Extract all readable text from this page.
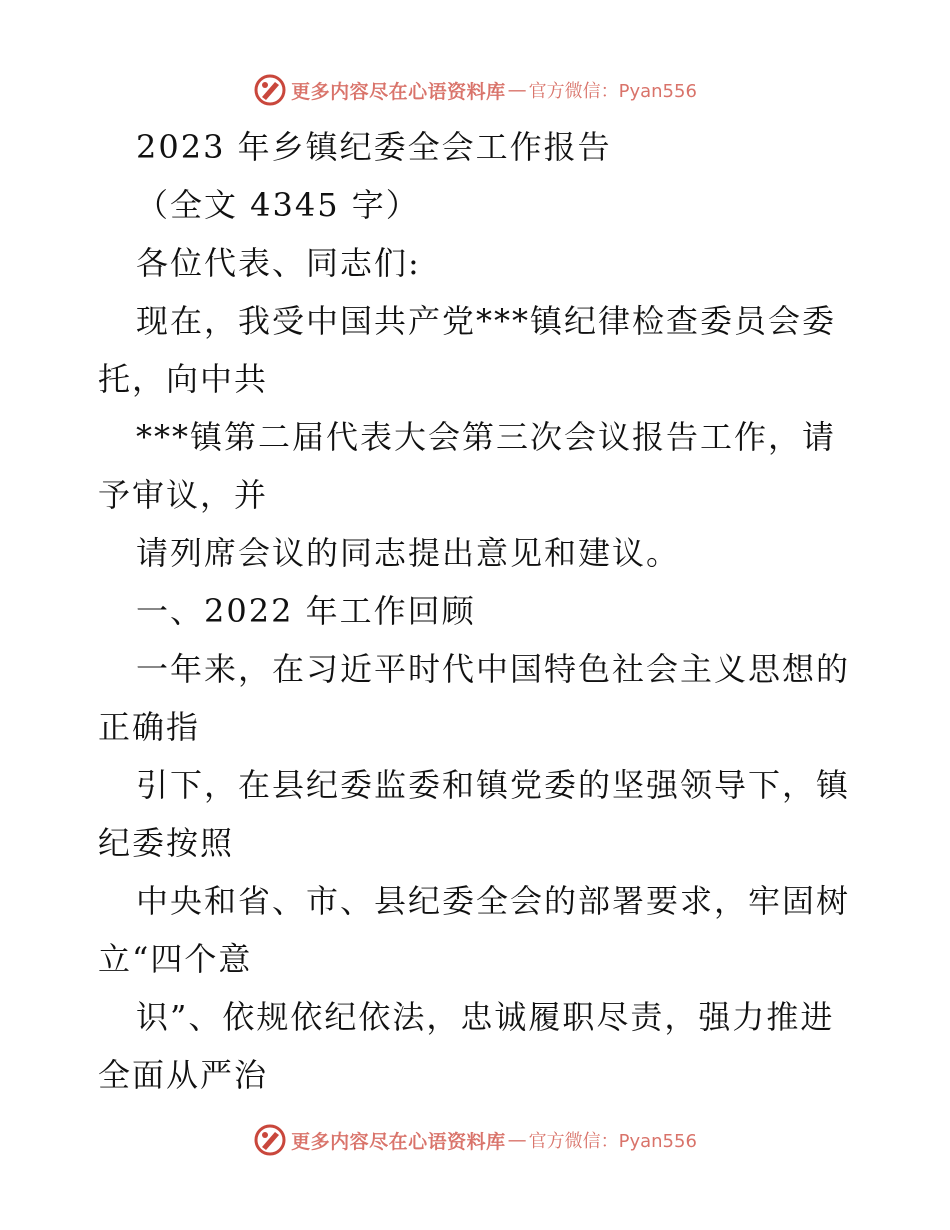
更多内容尽在心语资料库 — 官方微信：Pyan556
2023 年乡镇纪委全会工作报告
（全文 4345 字）
各位代表、同志们:
现在，我受中国共产党***镇纪律检查委员会委
托，向中共
***镇第二届代表大会第三次会议报告工作，请
予审议，并
请列席会议的同志提出意见和建议。
一、2022 年工作回顾
一年来，在习近平时代中国特色社会主义思想的
正确指
引下，在县纪委监委和镇党委的坚强领导下，镇
纪委按照
中央和省、市、县纪委全会的部署要求，牢固树
立“四个意
识”、依规依纪依法，忠诚履职尽责，强力推进
全面从严治
更多内容尽在心语资料库 — 官方微信：Pyan556
